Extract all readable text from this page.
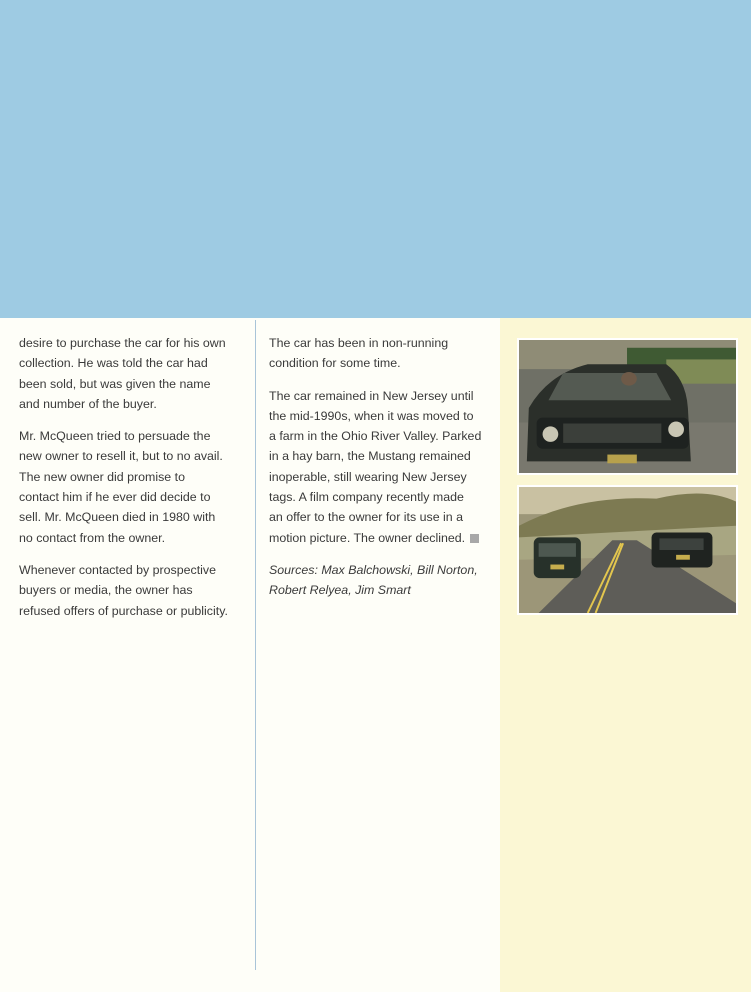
desire to purchase the car for his own
collection. He was told the car had
been sold, but was given the name
and number of the buyer.

Mr. McQueen tried to persuade the
new owner to resell it, but to no avail.
The new owner did promise to
contact him if he ever did decide to
sell. Mr. McQueen died in 1980 with
no contact from the owner.

Whenever contacted by prospective
buyers or media, the owner has
refused offers of purchase or publicity.

The car has been in non-running
condition for some time.

The car remained in New Jersey until
the mid-1990s, when it was moved to
a farm in the Ohio River Valley. Parked
in a hay barn, the Mustang remained
inoperable, still wearing New Jersey
tags. A film company recently made
an offer to the owner for its use in a
motion picture. The owner declined.

Sources: Max Balchowski, Bill Norton,
Robert Relyea, Jim Smart
